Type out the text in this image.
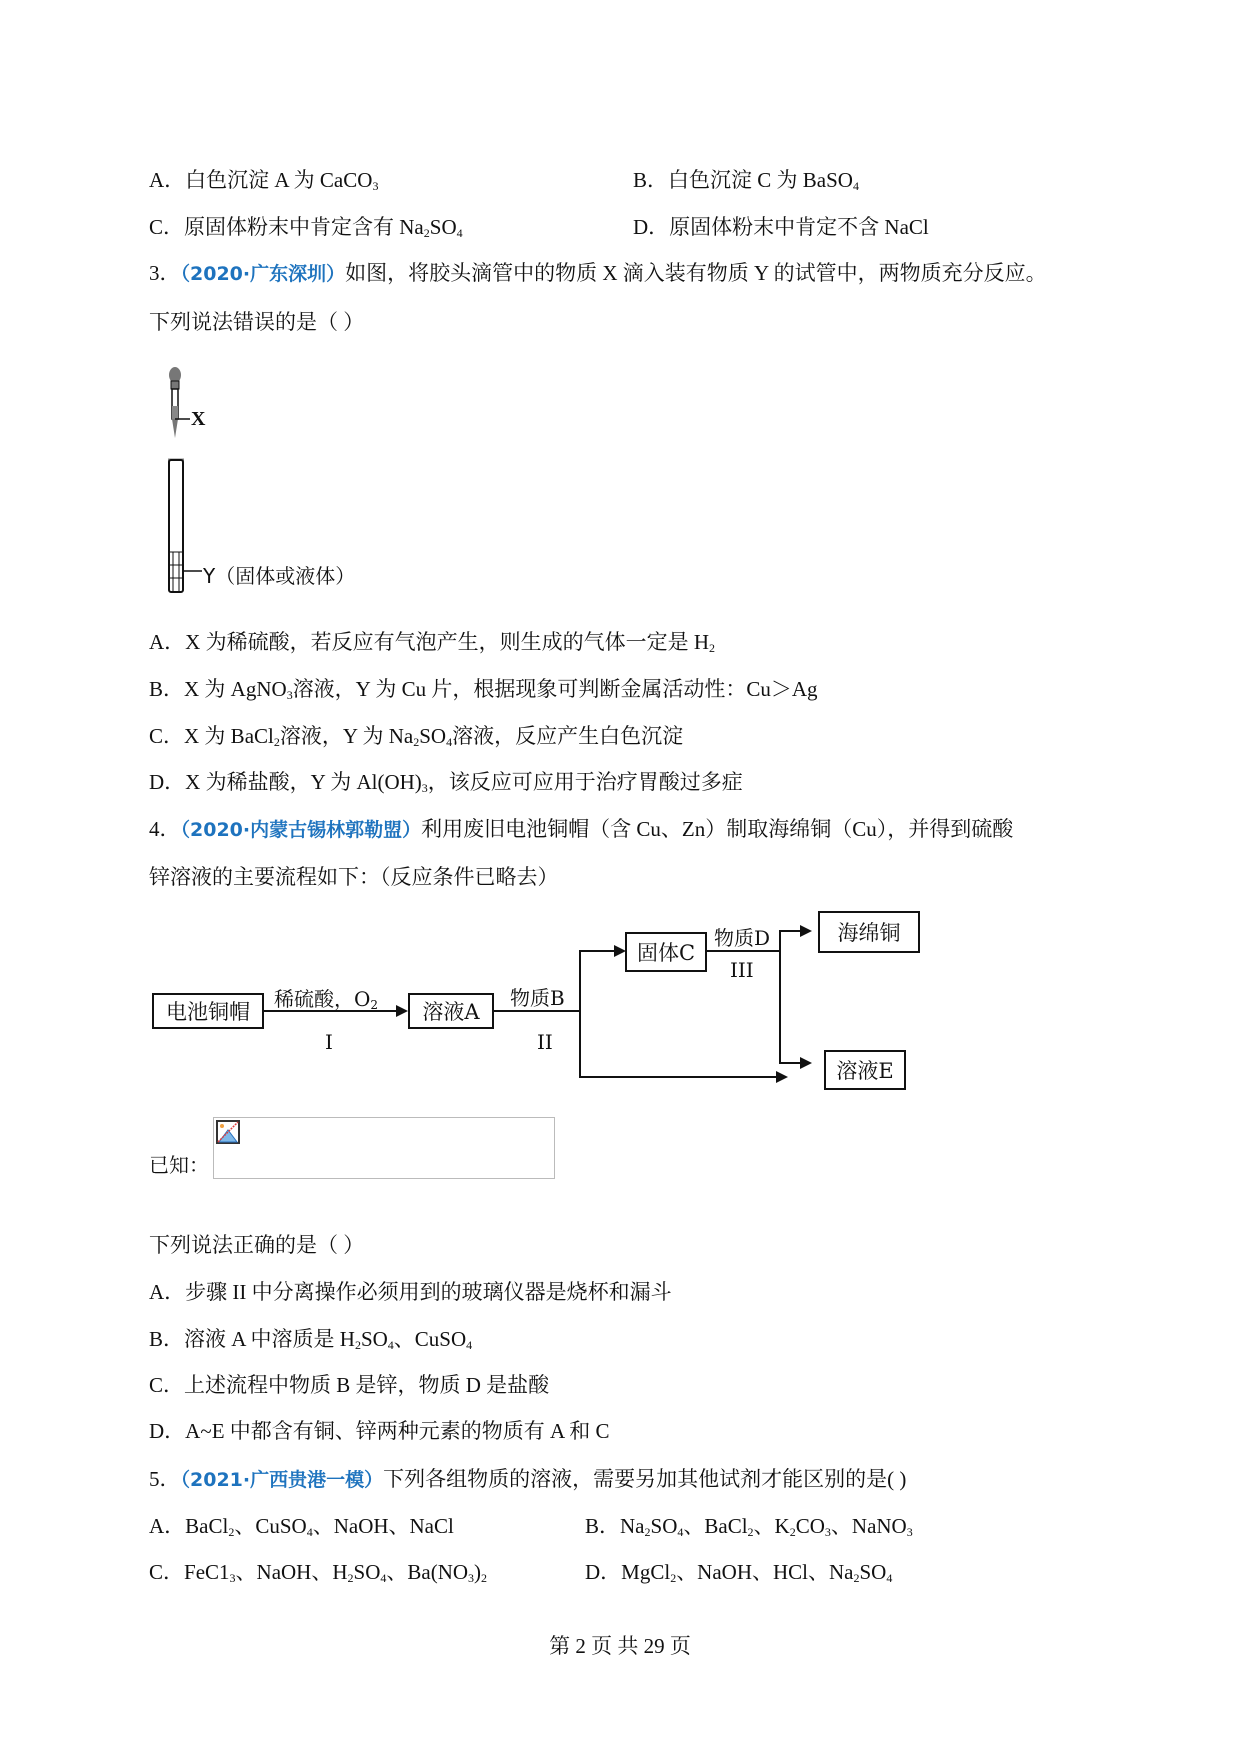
A．白色沉淀 A 为 CaCO$_3$	B．白色沉淀 C 为 BaSO$_4$
C．原固体粉末中肯定含有 $Na_2SO_4$	D．原固体粉末中肯定不含 NaCl
3．（2020·广东深圳）如图，将胶头滴管中的物质 X 滴入装有物质 Y 的试管中，两物质充分反应。
下列说法错误的是（ ）
X
Y（固体或液体）
A．X 为稀硫酸，若反应有气泡产生，则生成的气体一定是 $H_2$
B．X 为 AgNO$_3$溶液，Y 为 Cu 片，根据现象可判断金属活动性：Cu＞Ag
C．X 为 BaCl$_2$溶液，Y 为 $Na_2SO_4$溶液，反应产生白色沉淀
D．X 为稀盐酸，Y 为 $Al(OH)_3$，该反应可应用于治疗胃酸过多症
4．（2020·内蒙古锡林郭勒盟）利用废旧电池铜帽（含 Cu、Zn）制取海绵铜（Cu），并得到硫酸
锌溶液的主要流程如下：（反应条件已略去）
电池铜帽
稀硫酸，$O_2$
I
溶液A
物质B
II
固体C
物质D
III
海绵铜
溶液E
已知：
下列说法正确的是（ ）
A．步骤 II 中分离操作必须用到的玻璃仪器是烧杯和漏斗
B．溶液 A 中溶质是 $H_2SO_4$、CuSO$_4$
C．上述流程中物质 B 是锌，物质 D 是盐酸
D．A~E 中都含有铜、锌两种元素的物质有 A 和 C
5．（2021·广西贵港一模）下列各组物质的溶液，需要另加其他试剂才能区别的是( )
A．BaCl$_2$、CuSO$_4$、NaOH、NaCl	B．$Na_2SO_4$、BaCl$_2$、$K_2CO_3$、NaNO$_3$
C．$FeC1_3$、NaOH、$H_2SO_4$、$Ba(NO_3)_2$	D．MgCl$_2$、NaOH、HCl、$Na_2SO_4$
第 2 页 共 29 页
